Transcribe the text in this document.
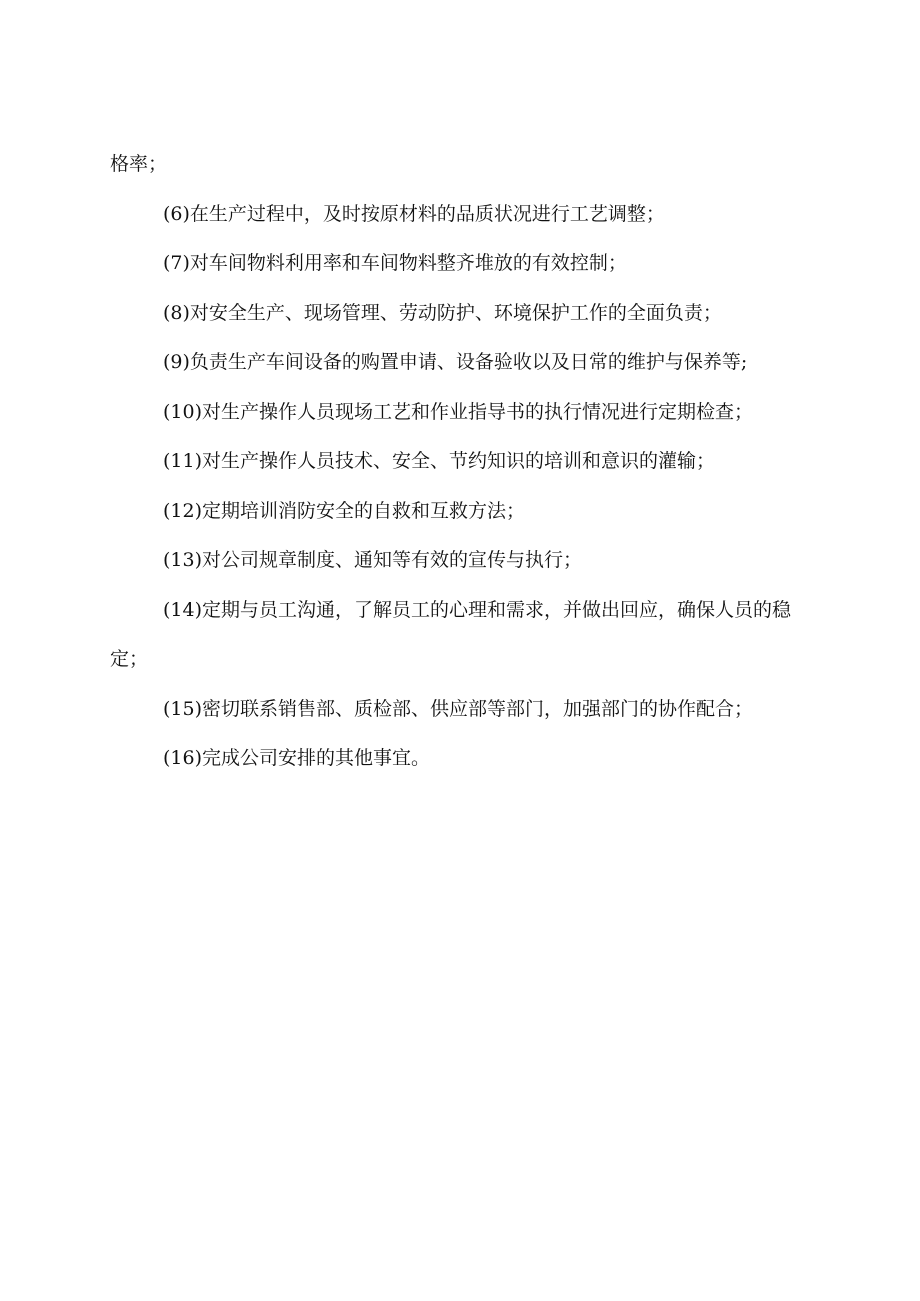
格率；

(6)在生产过程中，及时按原材料的品质状况进行工艺调整；

(7)对车间物料利用率和车间物料整齐堆放的有效控制；

(8)对安全生产、现场管理、劳动防护、环境保护工作的全面负责；

(9)负责生产车间设备的购置申请、设备验收以及日常的维护与保养等;

(10)对生产操作人员现场工艺和作业指导书的执行情况进行定期检查；

(11)对生产操作人员技术、安全、节约知识的培训和意识的灌输；

(12)定期培训消防安全的自救和互救方法；

(13)对公司规章制度、通知等有效的宣传与执行；

(14)定期与员工沟通，了解员工的心理和需求，并做出回应，确保人员的稳定；

(15)密切联系销售部、质检部、供应部等部门，加强部门的协作配合；

(16)完成公司安排的其他事宜。
